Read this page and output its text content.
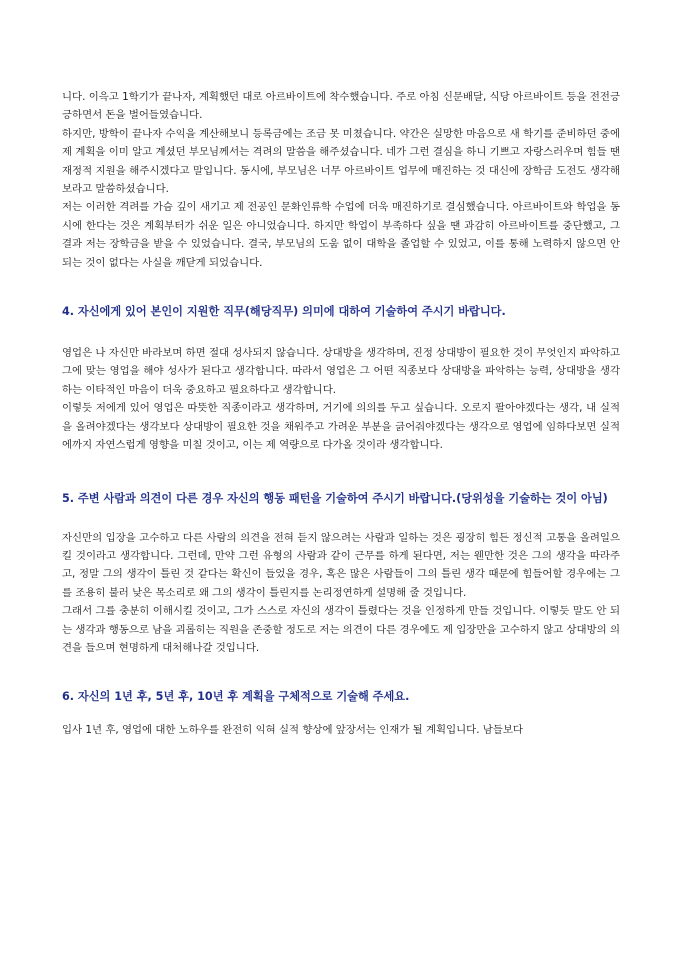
니다. 이윽고 1학기가 끝나자, 계획했던 대로 아르바이트에 착수했습니다. 주로 아침 신문배달, 식당 아르바이트 등을 전전긍긍하면서 돈을 벌어들였습니다.

하지만, 방학이 끝나자 수익을 계산해보니 등록금에는 조금 못 미쳤습니다. 약간은 실망한 마음으로 새 학기를 준비하던 중에 제 계획을 이미 알고 계셨던 부모님께서는 격려의 말씀을 해주셨습니다. 네가 그런 결심을 하니 기쁘고 자랑스러우며 힘들 땐 재정적 지원을 해주시겠다고 말입니다. 동시에, 부모님은 너무 아르바이트 업무에 매진하는 것 대신에 장학금 도전도 생각해 보라고 말씀하셨습니다.

저는 이러한 격려를 가슴 깊이 새기고 제 전공인 문화인류학 수업에 더욱 매진하기로 결심했습니다. 아르바이트와 학업을 동시에 한다는 것은 계획부터가 쉬운 일은 아니었습니다. 하지만 학업이 부족하다 싶을 땐 과감히 아르바이트를 중단했고, 그 결과 저는 장학금을 받을 수 있었습니다. 결국, 부모님의 도움 없이 대학을 졸업할 수 있었고, 이를 통해 노력하지 않으면 안 되는 것이 없다는 사실을 깨닫게 되었습니다.

4. 자신에게 있어 본인이 지원한 직무(해당직무) 의미에 대하여 기술하여 주시기 바랍니다.

영업은 나 자신만 바라보며 하면 절대 성사되지 않습니다. 상대방을 생각하며, 진정 상대방이 필요한 것이 무엇인지 파악하고 그에 맞는 영업을 해야 성사가 된다고 생각합니다. 따라서 영업은 그 어떤 직종보다 상대방을 파악하는 능력, 상대방을 생각하는 이타적인 마음이 더욱 중요하고 필요하다고 생각합니다.

이렇듯 저에게 있어 영업은 따뜻한 직종이라고 생각하며, 거기에 의의를 두고 싶습니다. 오로지 팔아야겠다는 생각, 내 실적을 올려야겠다는 생각보다 상대방이 필요한 것을 채워주고 가려운 부분을 긁어줘야겠다는 생각으로 영업에 임하다보면 실적에까지 자연스럽게 영향을 미칠 것이고, 이는 제 역량으로 다가올 것이라 생각합니다.

5. 주변 사람과 의견이 다른 경우 자신의 행동 패턴을 기술하여 주시기 바랍니다.(당위성을 기술하는 것이 아님)

자신만의 입장을 고수하고 다른 사람의 의견을 전혀 듣지 않으려는 사람과 일하는 것은 굉장히 힘든 정신적 고통을 올려일으킬 것이라고 생각합니다. 그런데, 만약 그런 유형의 사람과 같이 근무를 하게 된다면, 저는 웬만한 것은 그의 생각을 따라주고, 정말 그의 생각이 틀린 것 같다는 확신이 들었을 경우, 혹은 많은 사람들이 그의 틀린 생각 때문에 힘들어할 경우에는 그를 조용히 불러 낮은 목소리로 왜 그의 생각이 틀린지를 논리정연하게 설명해 줄 것입니다.

그래서 그를 충분히 이해시킬 것이고, 그가 스스로 자신의 생각이 틀렸다는 것을 인정하게 만들 것입니다. 이렇듯 말도 안 되는 생각과 행동으로 남을 괴롭히는 직원을 존중할 정도로 저는 의견이 다른 경우에도 제 입장만을 고수하지 않고 상대방의 의견을 들으며 현명하게 대처해나갈 것입니다.

6. 자신의 1년 후, 5년 후, 10년 후 계획을 구체적으로 기술해 주세요.

입사 1년 후, 영업에 대한 노하우를 완전히 익혀 실적 향상에 앞장서는 인재가 될 계획입니다. 남들보다
